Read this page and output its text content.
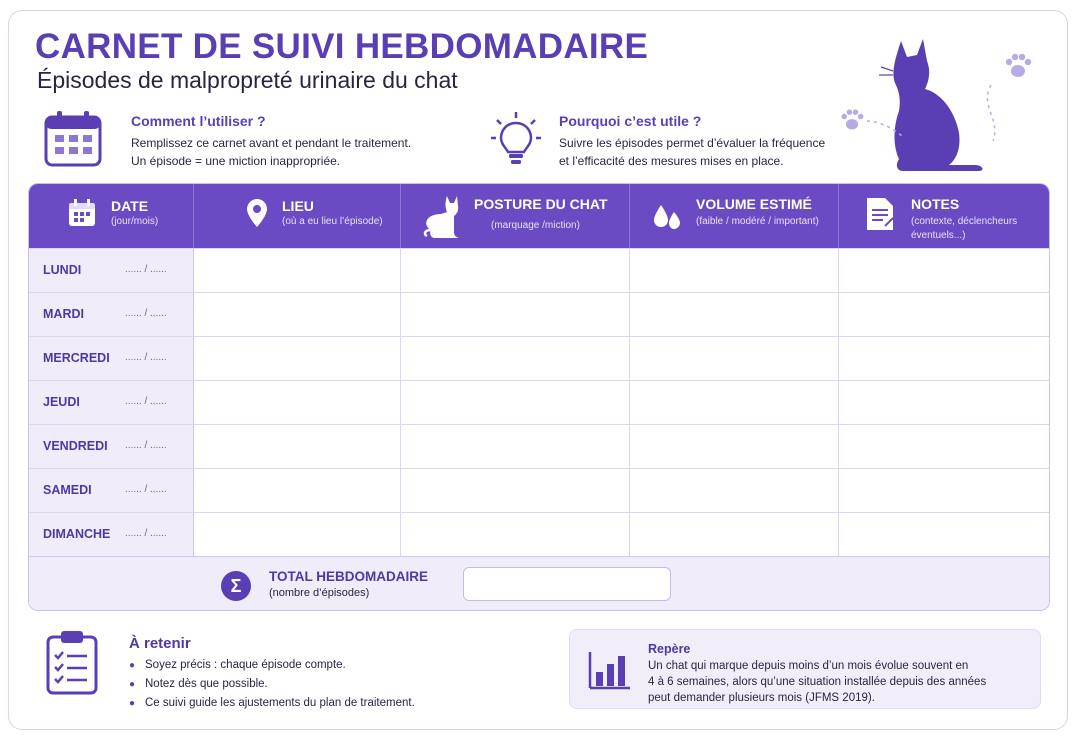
CARNET DE SUIVI HEBDOMADAIRE
Épisodes de malpropreté urinaire du chat
Comment l’utiliser ?
Remplissez ce carnet avant et pendant le traitement.
Un épisode = une miction inappropriée.
Pourquoi c’est utile ?
Suivre les épisodes permet d’évaluer la fréquence
et l’efficacité des mesures mises en place.
DATE
(jour/mois)
LIEU
(où a eu lieu l’épisode)
POSTURE DU CHAT
(marquage /miction)
VOLUME ESTIMÉ
(faible / modéré / important)
NOTES
(contexte, déclencheurs
éventuels...)
LUNDI	...... / ......
MARDI	...... / ......
MERCREDI ...... / ......
JEUDI	...... / ......
VENDREDI ...... / ......
SAMEDI	...... / ......
DIMANCHE ...... / ......
Σ	TOTAL HEBDOMADAIRE
(nombre d’épisodes)
À retenir
● Soyez précis : chaque épisode compte.
● Notez dès que possible.
● Ce suivi guide les ajustements du plan de traitement.
Repère
Un chat qui marque depuis moins d’un mois évolue souvent en
4 à 6 semaines, alors qu’une situation installée depuis des années
peut demander plusieurs mois (JFMS 2019).
